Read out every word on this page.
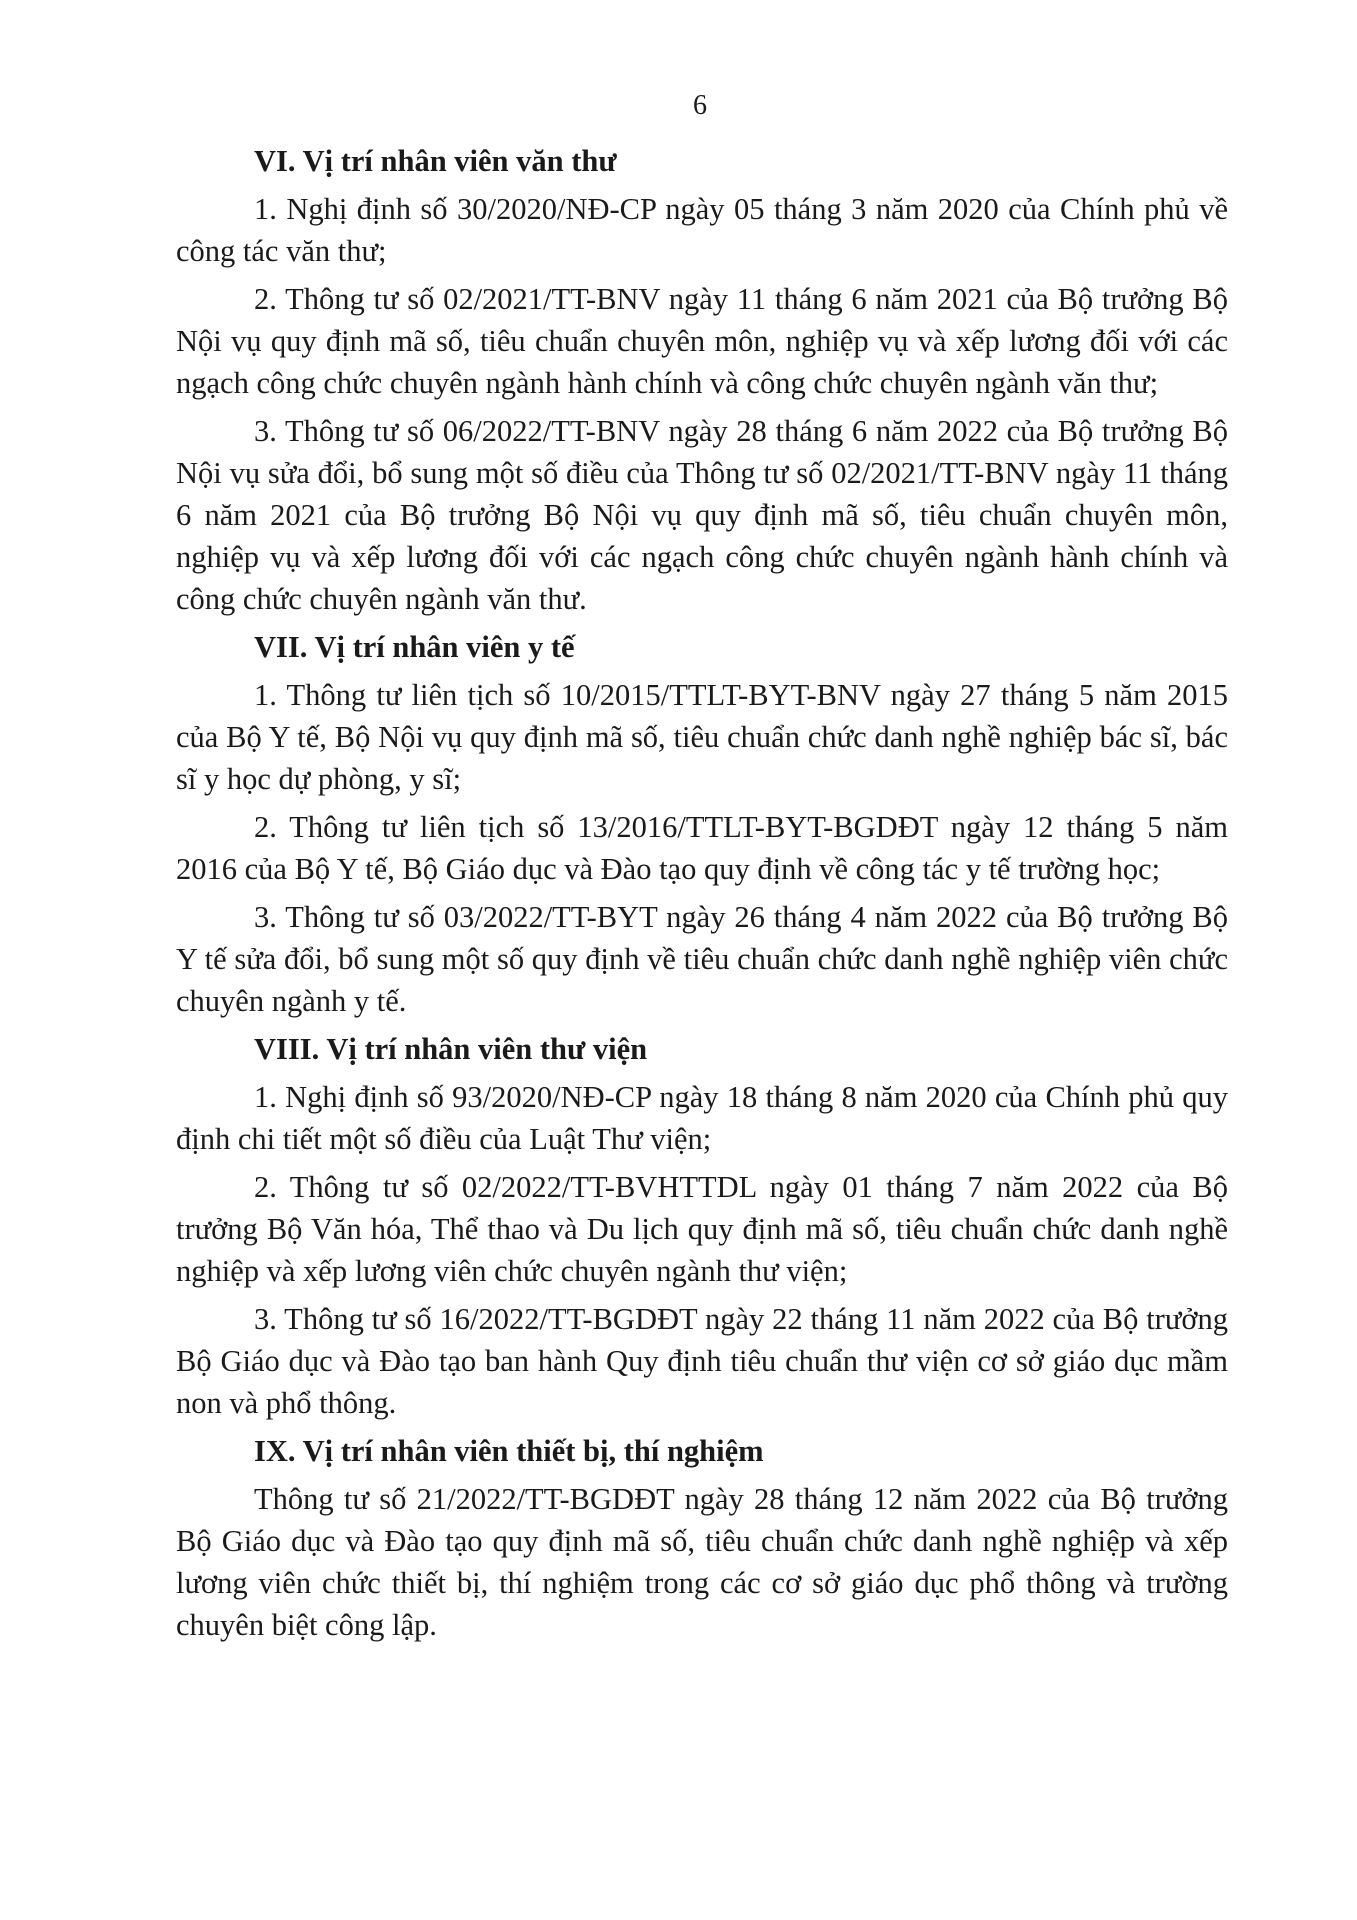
6

VI. Vị trí nhân viên văn thư

1. Nghị định số 30/2020/NĐ-CP ngày 05 tháng 3 năm 2020 của Chính phủ về công tác văn thư;

2. Thông tư số 02/2021/TT-BNV ngày 11 tháng 6 năm 2021 của Bộ trưởng Bộ Nội vụ quy định mã số, tiêu chuẩn chuyên môn, nghiệp vụ và xếp lương đối với các ngạch công chức chuyên ngành hành chính và công chức chuyên ngành văn thư;

3. Thông tư số 06/2022/TT-BNV ngày 28 tháng 6 năm 2022 của Bộ trưởng Bộ Nội vụ sửa đổi, bổ sung một số điều của Thông tư số 02/2021/TT-BNV ngày 11 tháng 6 năm 2021 của Bộ trưởng Bộ Nội vụ quy định mã số, tiêu chuẩn chuyên môn, nghiệp vụ và xếp lương đối với các ngạch công chức chuyên ngành hành chính và công chức chuyên ngành văn thư.

VII. Vị trí nhân viên y tế

1. Thông tư liên tịch số 10/2015/TTLT-BYT-BNV ngày 27 tháng 5 năm 2015 của Bộ Y tế, Bộ Nội vụ quy định mã số, tiêu chuẩn chức danh nghề nghiệp bác sĩ, bác sĩ y học dự phòng, y sĩ;

2. Thông tư liên tịch số 13/2016/TTLT-BYT-BGDĐT ngày 12 tháng 5 năm 2016 của Bộ Y tế, Bộ Giáo dục và Đào tạo quy định về công tác y tế trường học;

3. Thông tư số 03/2022/TT-BYT ngày 26 tháng 4 năm 2022 của Bộ trưởng Bộ Y tế sửa đổi, bổ sung một số quy định về tiêu chuẩn chức danh nghề nghiệp viên chức chuyên ngành y tế.

VIII. Vị trí nhân viên thư viện

1. Nghị định số 93/2020/NĐ-CP ngày 18 tháng 8 năm 2020 của Chính phủ quy định chi tiết một số điều của Luật Thư viện;

2. Thông tư số 02/2022/TT-BVHTTDL ngày 01 tháng 7 năm 2022 của Bộ trưởng Bộ Văn hóa, Thể thao và Du lịch quy định mã số, tiêu chuẩn chức danh nghề nghiệp và xếp lương viên chức chuyên ngành thư viện;

3. Thông tư số 16/2022/TT-BGDĐT ngày 22 tháng 11 năm 2022 của Bộ trưởng Bộ Giáo dục và Đào tạo ban hành Quy định tiêu chuẩn thư viện cơ sở giáo dục mầm non và phổ thông.

IX. Vị trí nhân viên thiết bị, thí nghiệm

Thông tư số 21/2022/TT-BGDĐT ngày 28 tháng 12 năm 2022 của Bộ trưởng Bộ Giáo dục và Đào tạo quy định mã số, tiêu chuẩn chức danh nghề nghiệp và xếp lương viên chức thiết bị, thí nghiệm trong các cơ sở giáo dục phổ thông và trường chuyên biệt công lập.
